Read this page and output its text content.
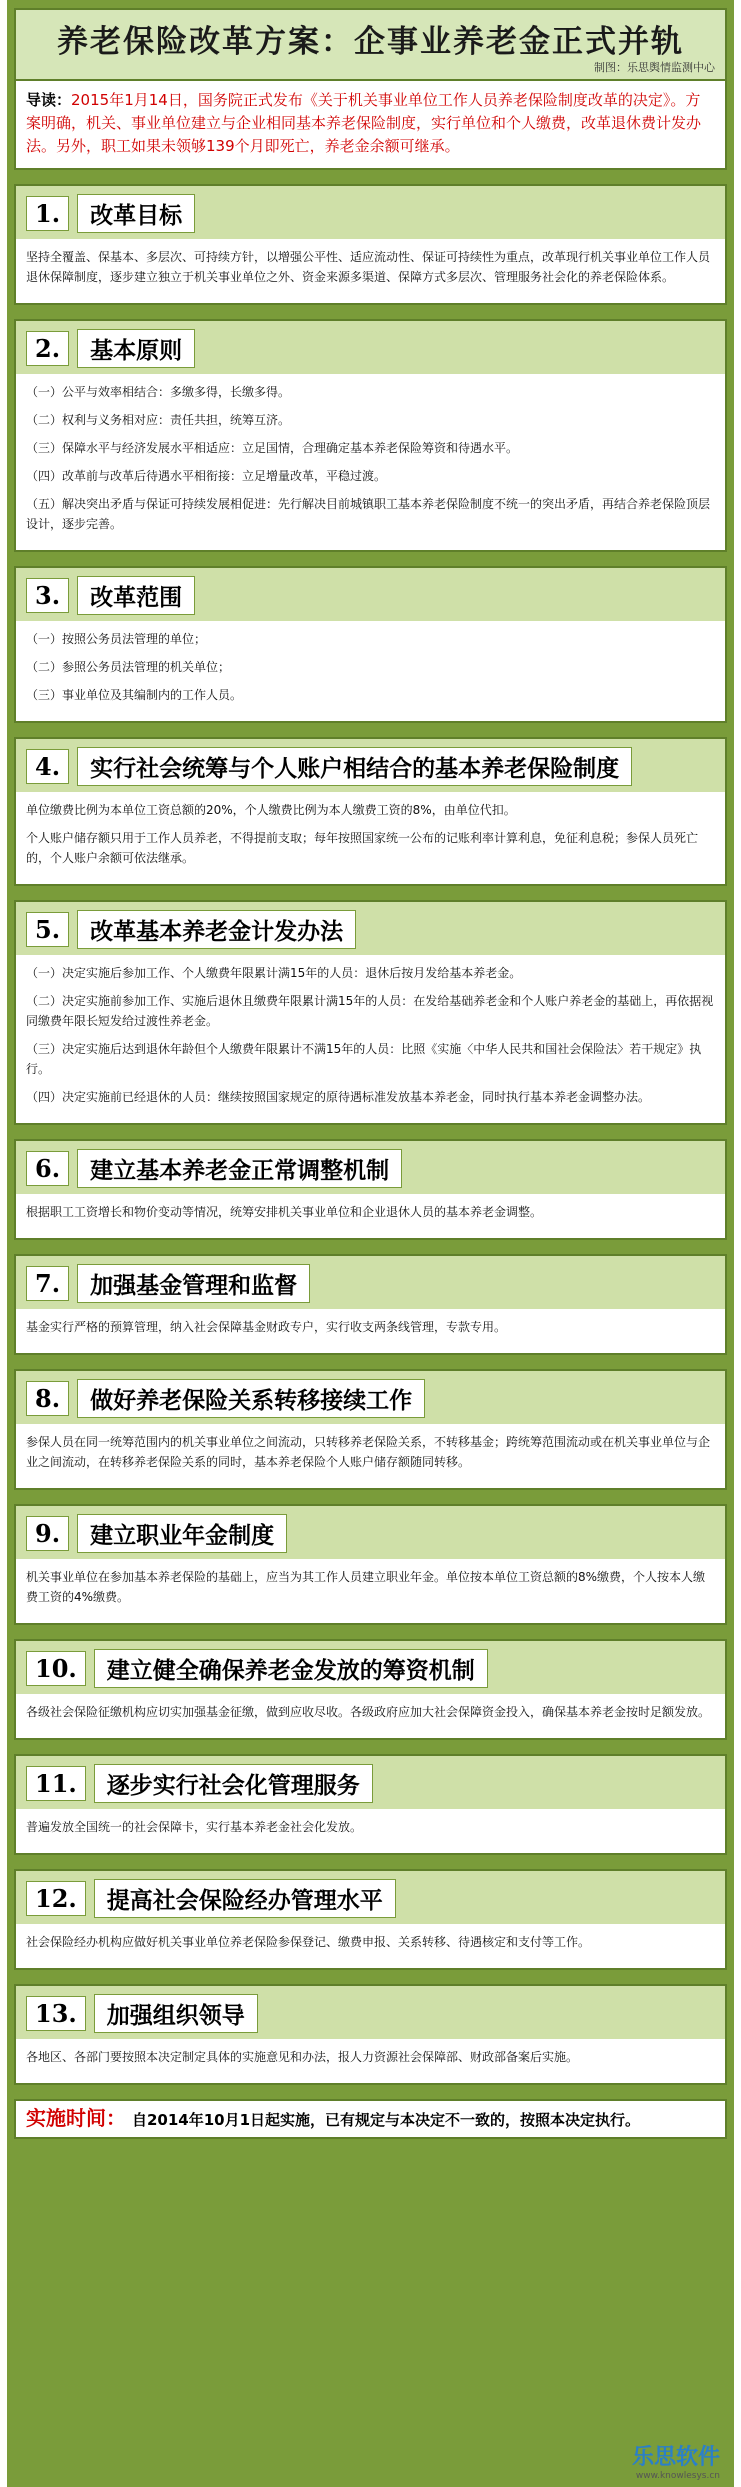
养老保险改革方案：企事业养老金正式并轨
制图：乐思舆情监测中心
导读：2015年1月14日，国务院正式发布《关于机关事业单位工作人员养老保险制度改革的决定》。方案明确，机关、事业单位建立与企业相同基本养老保险制度，实行单位和个人缴费，改革退休费计发办法。另外，职工如果未领够139个月即死亡，养老金余额可继承。
1.	改革目标

坚持全覆盖、保基本、多层次、可持续方针，以增强公平性、适应流动性、保证可持续性为重点，改革现行机关事业单位工作人员退休保障制度，逐步建立独立于机关事业单位之外、资金来源多渠道、保障方式多层次、管理服务社会化的养老保险体系。

2.	基本原则

（一）公平与效率相结合：多缴多得，长缴多得。

（二）权利与义务相对应：责任共担，统筹互济。

（三）保障水平与经济发展水平相适应：立足国情，合理确定基本养老保险筹资和待遇水平。

（四）改革前与改革后待遇水平相衔接：立足增量改革，平稳过渡。

（五）解决突出矛盾与保证可持续发展相促进：先行解决目前城镇职工基本养老保险制度不统一的突出矛盾，再结合养老保险顶层设计，逐步完善。

3.	改革范围

（一）按照公务员法管理的单位；

（二）参照公务员法管理的机关单位；

（三）事业单位及其编制内的工作人员。

4.	实行社会统筹与个人账户相结合的基本养老保险制度

单位缴费比例为本单位工资总额的20%，个人缴费比例为本人缴费工资的8%，由单位代扣。

个人账户储存额只用于工作人员养老，不得提前支取；每年按照国家统一公布的记账利率计算利息，免征利息税；参保人员死亡的，个人账户余额可依法继承。

5.	改革基本养老金计发办法

（一）决定实施后参加工作、个人缴费年限累计满15年的人员：退休后按月发给基本养老金。

（二）决定实施前参加工作、实施后退休且缴费年限累计满15年的人员：在发给基础养老金和个人账户养老金的基础上，再依据视同缴费年限长短发给过渡性养老金。

（三）决定实施后达到退休年龄但个人缴费年限累计不满15年的人员：比照《实施〈中华人民共和国社会保险法〉若干规定》执行。

（四）决定实施前已经退休的人员：继续按照国家规定的原待遇标准发放基本养老金，同时执行基本养老金调整办法。

6.	建立基本养老金正常调整机制

根据职工工资增长和物价变动等情况，统筹安排机关事业单位和企业退休人员的基本养老金调整。

7.	加强基金管理和监督

基金实行严格的预算管理，纳入社会保障基金财政专户，实行收支两条线管理，专款专用。

8.	做好养老保险关系转移接续工作

参保人员在同一统筹范围内的机关事业单位之间流动，只转移养老保险关系，不转移基金；跨统筹范围流动或在机关事业单位与企业之间流动，在转移养老保险关系的同时，基本养老保险个人账户储存额随同转移。

9.	建立职业年金制度

机关事业单位在参加基本养老保险的基础上，应当为其工作人员建立职业年金。单位按本单位工资总额的8%缴费，个人按本人缴费工资的4%缴费。

10.	建立健全确保养老金发放的筹资机制

各级社会保险征缴机构应切实加强基金征缴，做到应收尽收。各级政府应加大社会保障资金投入，确保基本养老金按时足额发放。

11.	逐步实行社会化管理服务

普遍发放全国统一的社会保障卡，实行基本养老金社会化发放。

12.	提高社会保险经办管理水平

社会保险经办机构应做好机关事业单位养老保险参保登记、缴费申报、关系转移、待遇核定和支付等工作。

13.	加强组织领导

各地区、各部门要按照本决定制定具体的实施意见和办法，报人力资源社会保障部、财政部备案后实施。

实施时间： 自2014年10月1日起实施，已有规定与本决定不一致的，按照本决定执行。
乐思软件
www.knowlesys.cn
